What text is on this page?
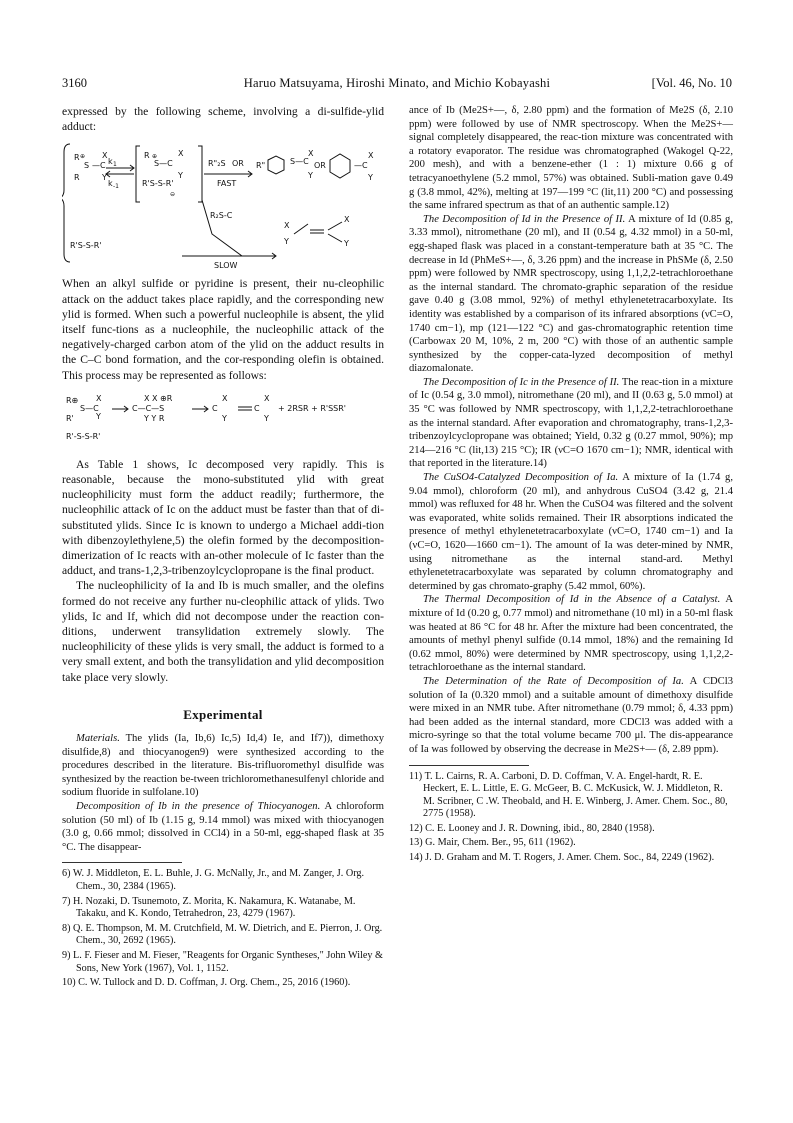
3160	Haruo Matsuyama, Hiroshi Minato, and Michio Kobayashi	[Vol. 46, No. 10

expressed by the following scheme, involving a di-sulfide-ylid adduct:

R ⊕
S —C
X
Y
R
k 1
k -1
R ⊕
S—C
X
Y
R'S-S-R'
⊖
R"₂S OR
FAST
R"	S—C
X
Y
OR	—C
X
Y
R₂S-C
SLOW
R'S-S-R'
X
Y
X
Y

When an alkyl sulfide or pyridine is present, their nu-cleophilic attack on the adduct takes place rapidly, and the corresponding new ylid is formed. When such a powerful nucleophile is absent, the ylid itself func-tions as a nucleophile, the nucleophilic attack of the negatively-charged carbon atom of the ylid on the adduct results in the C–C bond formation, and the cor-responding olefin is obtained. This process may be represented as follows:

R⊕
S—C
X
Y
R'
C—C—S
X X ⊕R
Y Y R
C
X
Y
C
X
Y
+ 2RSR + R'SSR'
R'-S-S-R'

As Table 1 shows, Ic decomposed very rapidly. This is reasonable, because the mono-substituted ylid with great nucleophilicity must form the adduct readily; furthermore, the nucleophilic attack of Ic on the adduct must be faster than that of di-substituted ylids. Since Ic is known to undergo a Michael addi-tion with dibenzoylethylene,5) the olefin formed by the decomposition-dimerization of Ic reacts with an-other molecule of Ic faster than the adduct, and trans-1,2,3-tribenzoylcyclopropane is the final product.

The nucleophilicity of Ia and Ib is much smaller, and the olefins formed do not receive any further nu-cleophilic attack of ylids. Two ylids, Ic and If, which did not decompose under the reaction con-ditions, underwent transylidation extremely slowly. The nucleophilicity of these ylids is very small, the adduct is formed to a very small extent, and both the transylidation and ylid decomposition take place very slowly.

Experimental

Materials. The ylids (Ia, Ib,6) Ic,5) Id,4) Ie, and If7)), dimethoxy disulfide,8) and thiocyanogen9) were synthesized according to the procedures described in the literature. Bis-trifluoromethyl disulfide was synthesized by the reaction be-tween trichloromethanesulfenyl chloride and sodium fluoride in sulfolane.10)

Decomposition of Ib in the presence of Thiocyanogen. A chloroform solution (50 ml) of Ib (1.15 g, 9.14 mmol) was mixed with thiocyanogen (3.0 g, 0.66 mmol; dissolved in CCl4) in a 50-ml, egg-shaped flask at 35 °C. The disappear-

6) W. J. Middleton, E. L. Buhle, J. G. McNally, Jr., and M. Zanger, J. Org. Chem., 30, 2384 (1965).

7) H. Nozaki, D. Tsunemoto, Z. Morita, K. Nakamura, K. Watanabe, M. Takaku, and K. Kondo, Tetrahedron, 23, 4279 (1967).

8) Q. E. Thompson, M. M. Crutchfield, M. W. Dietrich, and E. Pierron, J. Org. Chem., 30, 2692 (1965).

9) L. F. Fieser and M. Fieser, "Reagents for Organic Syntheses," John Wiley & Sons, New York (1967), Vol. 1, 1152.

10) C. W. Tullock and D. D. Coffman, J. Org. Chem., 25, 2016 (1960).

ance of Ib (Me2S+—, δ, 2.80 ppm) and the formation of Me2S (δ, 2.10 ppm) were followed by use of NMR spectroscopy. When the Me2S+— signal completely disappeared, the reac-tion mixture was concentrated with a rotatory evaporator. The residue was chromatographed (Wakogel Q-22, 200 mesh), and with a benzene-ether (1 : 1) mixture 0.66 g of tetracyanoethylene (5.2 mmol, 57%) was obtained. Subli-mation gave 0.49 g (3.8 mmol, 42%), melting at 197—199 °C (lit,11) 200 °C) and possessing the same infrared spectrum as that of an authentic sample.12)

The Decomposition of Id in the Presence of II. A mixture of Id (0.85 g, 3.33 mmol), nitromethane (20 ml), and II (0.54 g, 4.32 mmol) in a 50-ml, egg-shaped flask was placed in a constant-temperature bath at 35 °C. The decrease in Id (PhMeS+—, δ, 3.26 ppm) and the increase in PhSMe (δ, 2.50 ppm) were followed by NMR spectroscopy, using 1,1,2,2-tetrachloroethane as the internal standard. The chromato-graphic separation of the residue gave 0.40 g (3.08 mmol, 92%) of methyl ethylenetetracarboxylate. Its identity was established by a comparison of its infrared absorptions (νC=O, 1740 cm−1), mp (121—122 °C) and gas-chromatographic retention time (Carbowax 20 M, 10%, 2 m, 200 °C) with those of an authentic sample synthesized by the copper-cata-lyzed decomposition of methyl diazomalonate.

The Decomposition of Ic in the Presence of II. The reac-tion in a mixture of Ic (0.54 g, 3.0 mmol), nitromethane (20 ml), and II (0.63 g, 5.0 mmol) at 35 °C was followed by NMR spectroscopy, with 1,1,2,2-tetrachloroethane as the internal standard. After evaporation and chromatography, trans-1,2,3-tribenzoylcyclopropane was obtained; Yield, 0.32 g (0.27 mmol, 90%); mp 214—216 °C (lit,13) 215 °C); IR (νC=O 1670 cm−1); NMR, identical with that reported in the literature.14)

The CuSO4-Catalyzed Decomposition of Ia. A mixture of Ia (1.74 g, 9.04 mmol), chloroform (20 ml), and anhydrous CuSO4 (3.42 g, 21.4 mmol) was refluxed for 48 hr. When the CuSO4 was filtered and the solvent was evaporated, white solids remained. Their IR absorptions indicated the presence of methyl ethylenetetracarboxylate (νC=O, 1740 cm−1) and Ia (νC=O, 1620—1660 cm−1). The amount of Ia was deter-mined by NMR, using nitromethane as the internal stand-ard. Methyl ethylenetetracarboxylate was separated by column chromatography and determined by gas chromato-graphy (5.42 mmol, 60%).

The Thermal Decomposition of Id in the Absence of a Catalyst. A mixture of Id (0.20 g, 0.77 mmol) and nitromethane (10 ml) in a 50-ml flask was heated at 86 °C for 48 hr. After the mixture had been concentrated, the amounts of methyl phenyl sulfide (0.14 mmol, 18%) and the remaining Id (0.62 mmol, 80%) were determined by NMR spectroscopy, using 1,1,2,2-tetrachloroethane as the internal standard.

The Determination of the Rate of Decomposition of Ia. A CDCl3 solution of Ia (0.320 mmol) and a suitable amount of dimethoxy disulfide were mixed in an NMR tube. After nitromethane (0.79 mmol; δ, 4.33 ppm) had been added as the internal standard, more CDCl3 was added with a micro-syringe so that the total volume became 700 μl. The dis-appearance of Ia was followed by observing the decrease in Me2S+— (δ, 2.89 ppm).

11) T. L. Cairns, R. A. Carboni, D. D. Coffman, V. A. Engel-hardt, R. E. Heckert, E. L. Little, E. G. McGeer, B. C. McKusick, W. J. Middleton, R. M. Scribner, C .W. Theobald, and H. E. Winberg, J. Amer. Chem. Soc., 80, 2775 (1958).

12) C. E. Looney and J. R. Downing, ibid., 80, 2840 (1958).

13) G. Mair, Chem. Ber., 95, 611 (1962).

14) J. D. Graham and M. T. Rogers, J. Amer. Chem. Soc., 84, 2249 (1962).
